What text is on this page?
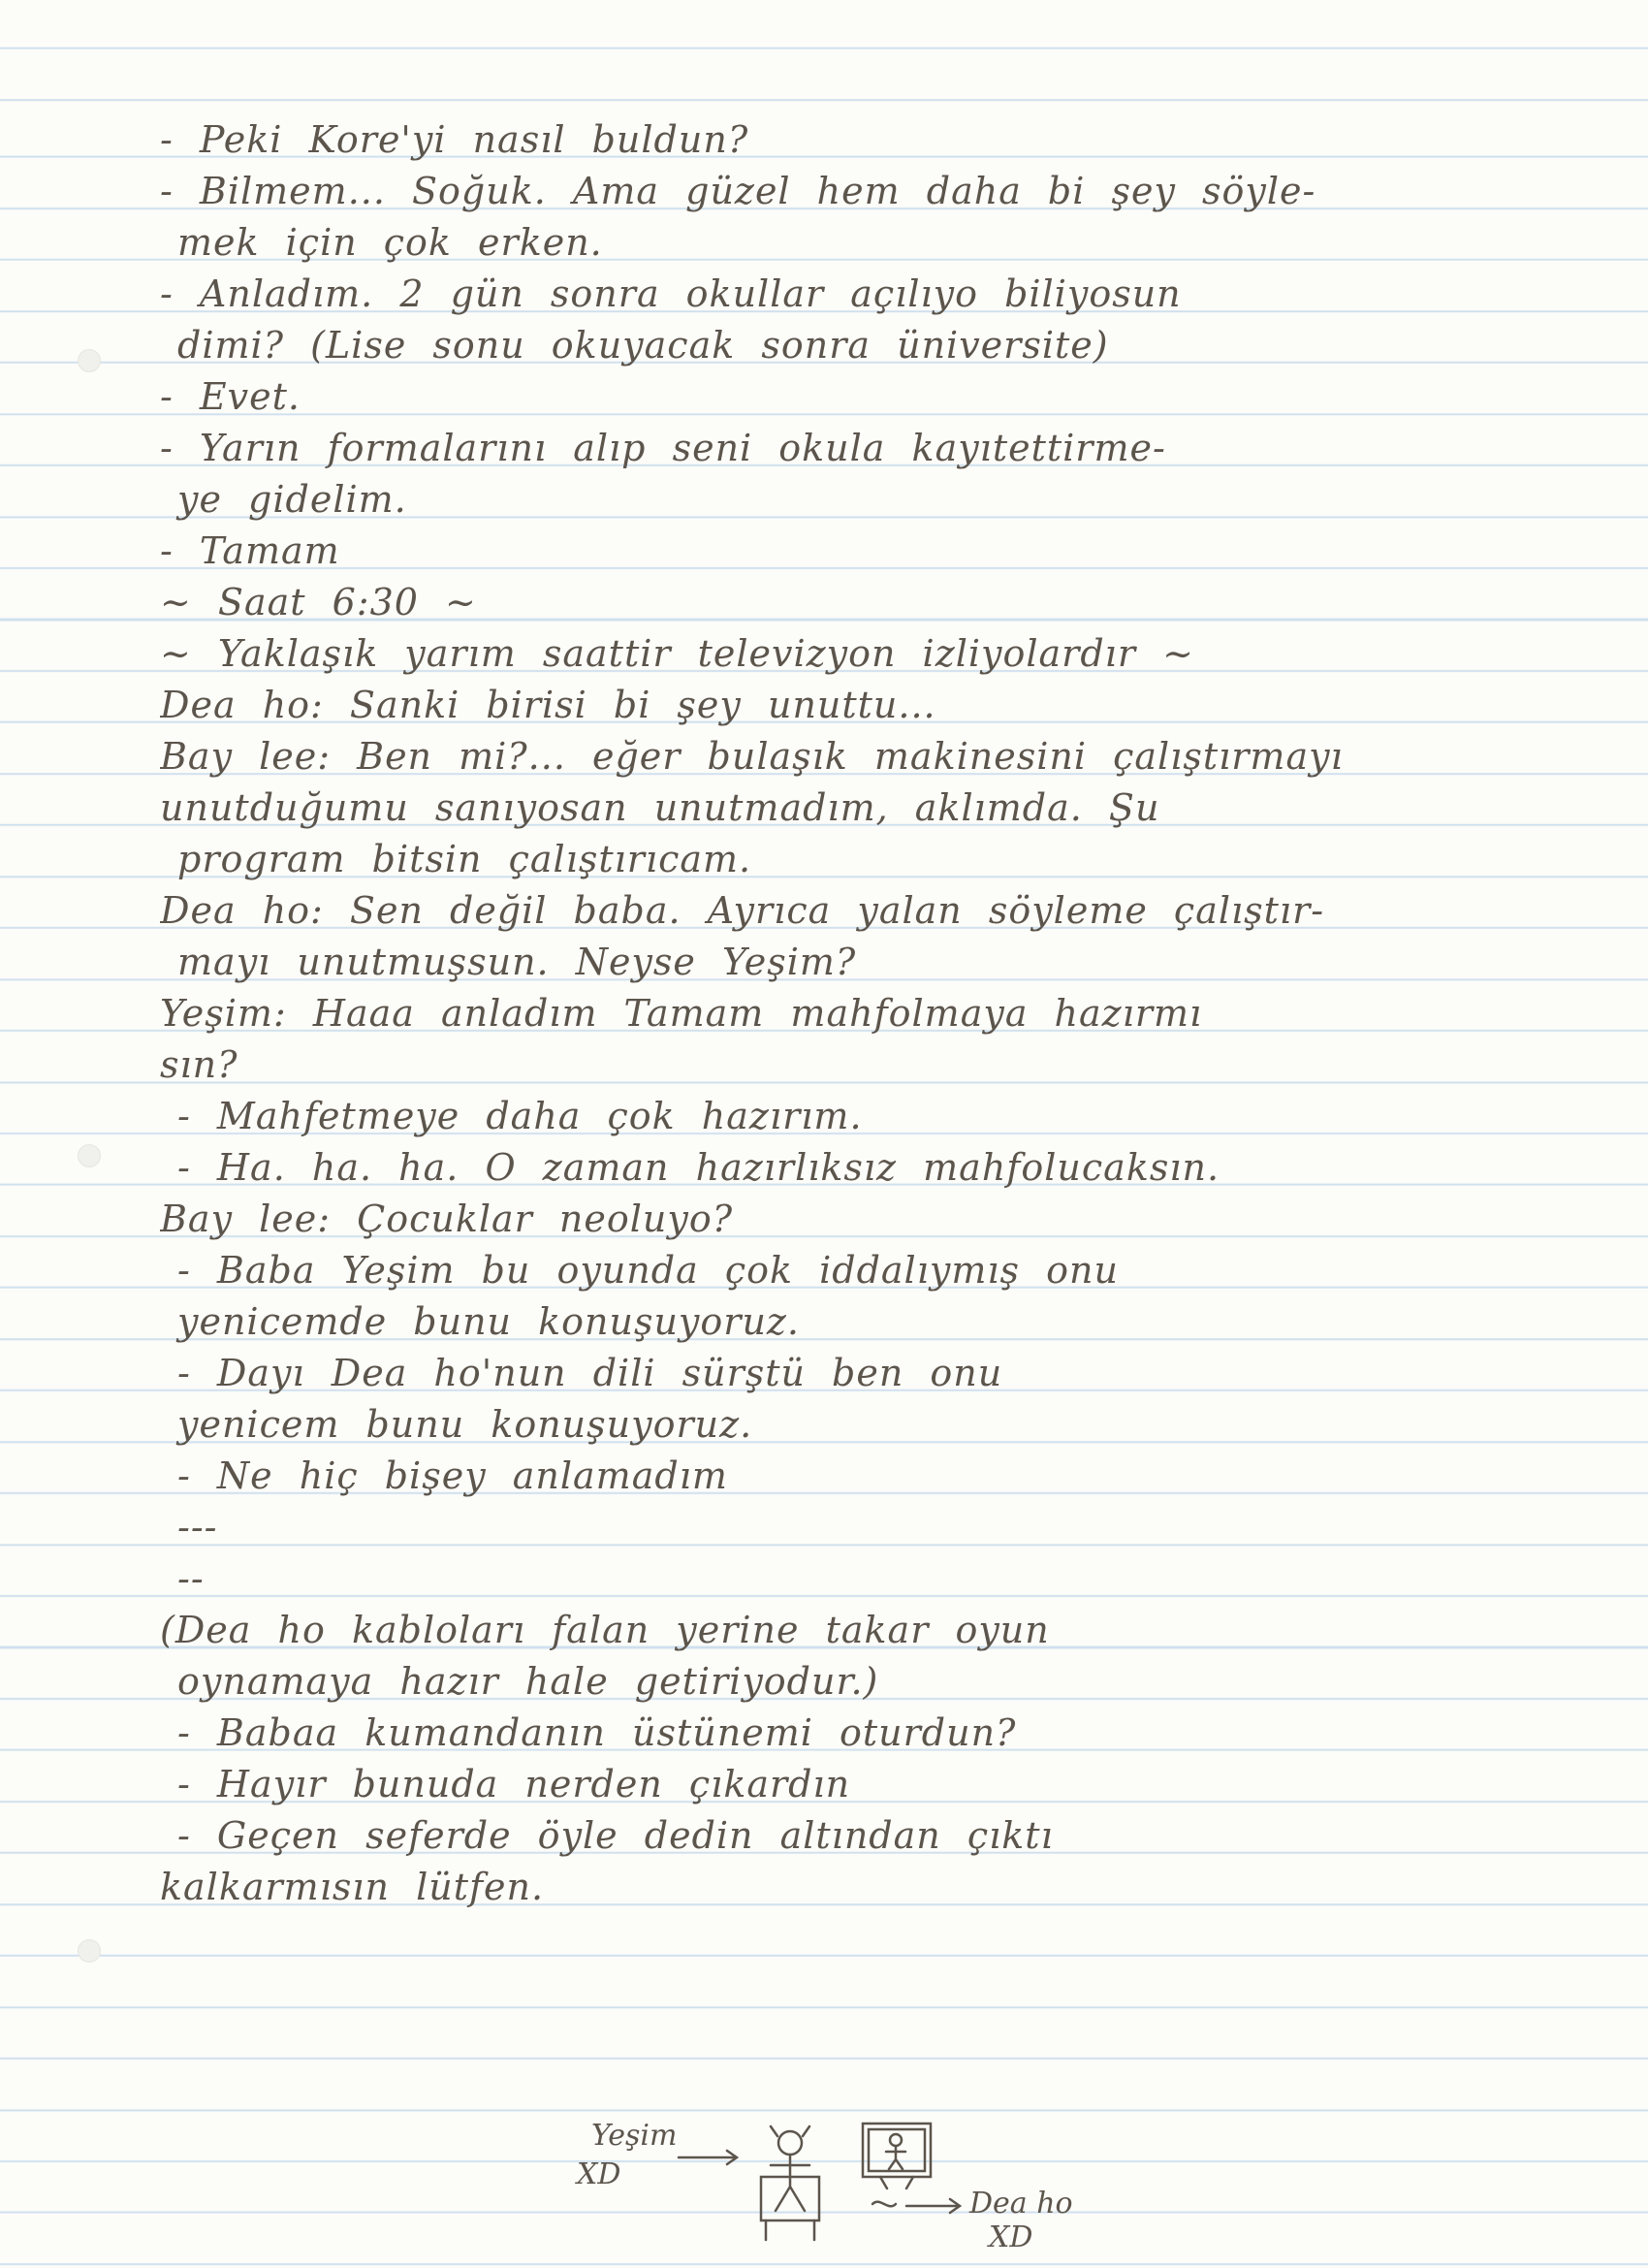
- Peki Kore'yi nasıl buldun?
- Bilmem... Soğuk. Ama güzel hem daha bi şey söyle-
mek için çok erken.
- Anladım. 2 gün sonra okullar açılıyo biliyosun
dimi? (Lise sonu okuyacak sonra üniversite)
- Evet.
- Yarın formalarını alıp seni okula kayıtettirme-
ye gidelim.
- Tamam
~ Saat 6:30 ~
~ Yaklaşık yarım saattir televizyon izliyolardır ~
Dea ho: Sanki birisi bi şey unuttu...
Bay lee: Ben mi?... eğer bulaşık makinesini çalıştırmayı
unutduğumu sanıyosan unutmadım, aklımda. Şu
program bitsin çalıştırıcam.
Dea ho: Sen değil baba. Ayrıca yalan söyleme çalıştır-
mayı unutmuşsun. Neyse Yeşim?
Yeşim: Haaa anladım Tamam mahfolmaya hazırmı
sın?
- Mahfetmeye daha çok hazırım.
- Ha. ha. ha. O zaman hazırlıksız mahfolucaksın.
Bay lee: Çocuklar neoluyo?
- Baba Yeşim bu oyunda çok iddalıymış onu
yenicemde bunu konuşuyoruz.
- Dayı Dea ho'nun dili sürştü ben onu
yenicem bunu konuşuyoruz.
- Ne hiç bişey anlamadım
---
--
(Dea ho kabloları falan yerine takar oyun
oynamaya hazır hale getiriyodur.)
- Babaa kumandanın üstünemi oturdun?
- Hayır bunuda nerden çıkardın
- Geçen seferde öyle dedin altından çıktı
kalkarmısın lütfen.
Yeşim
XD
Dea ho
XD
